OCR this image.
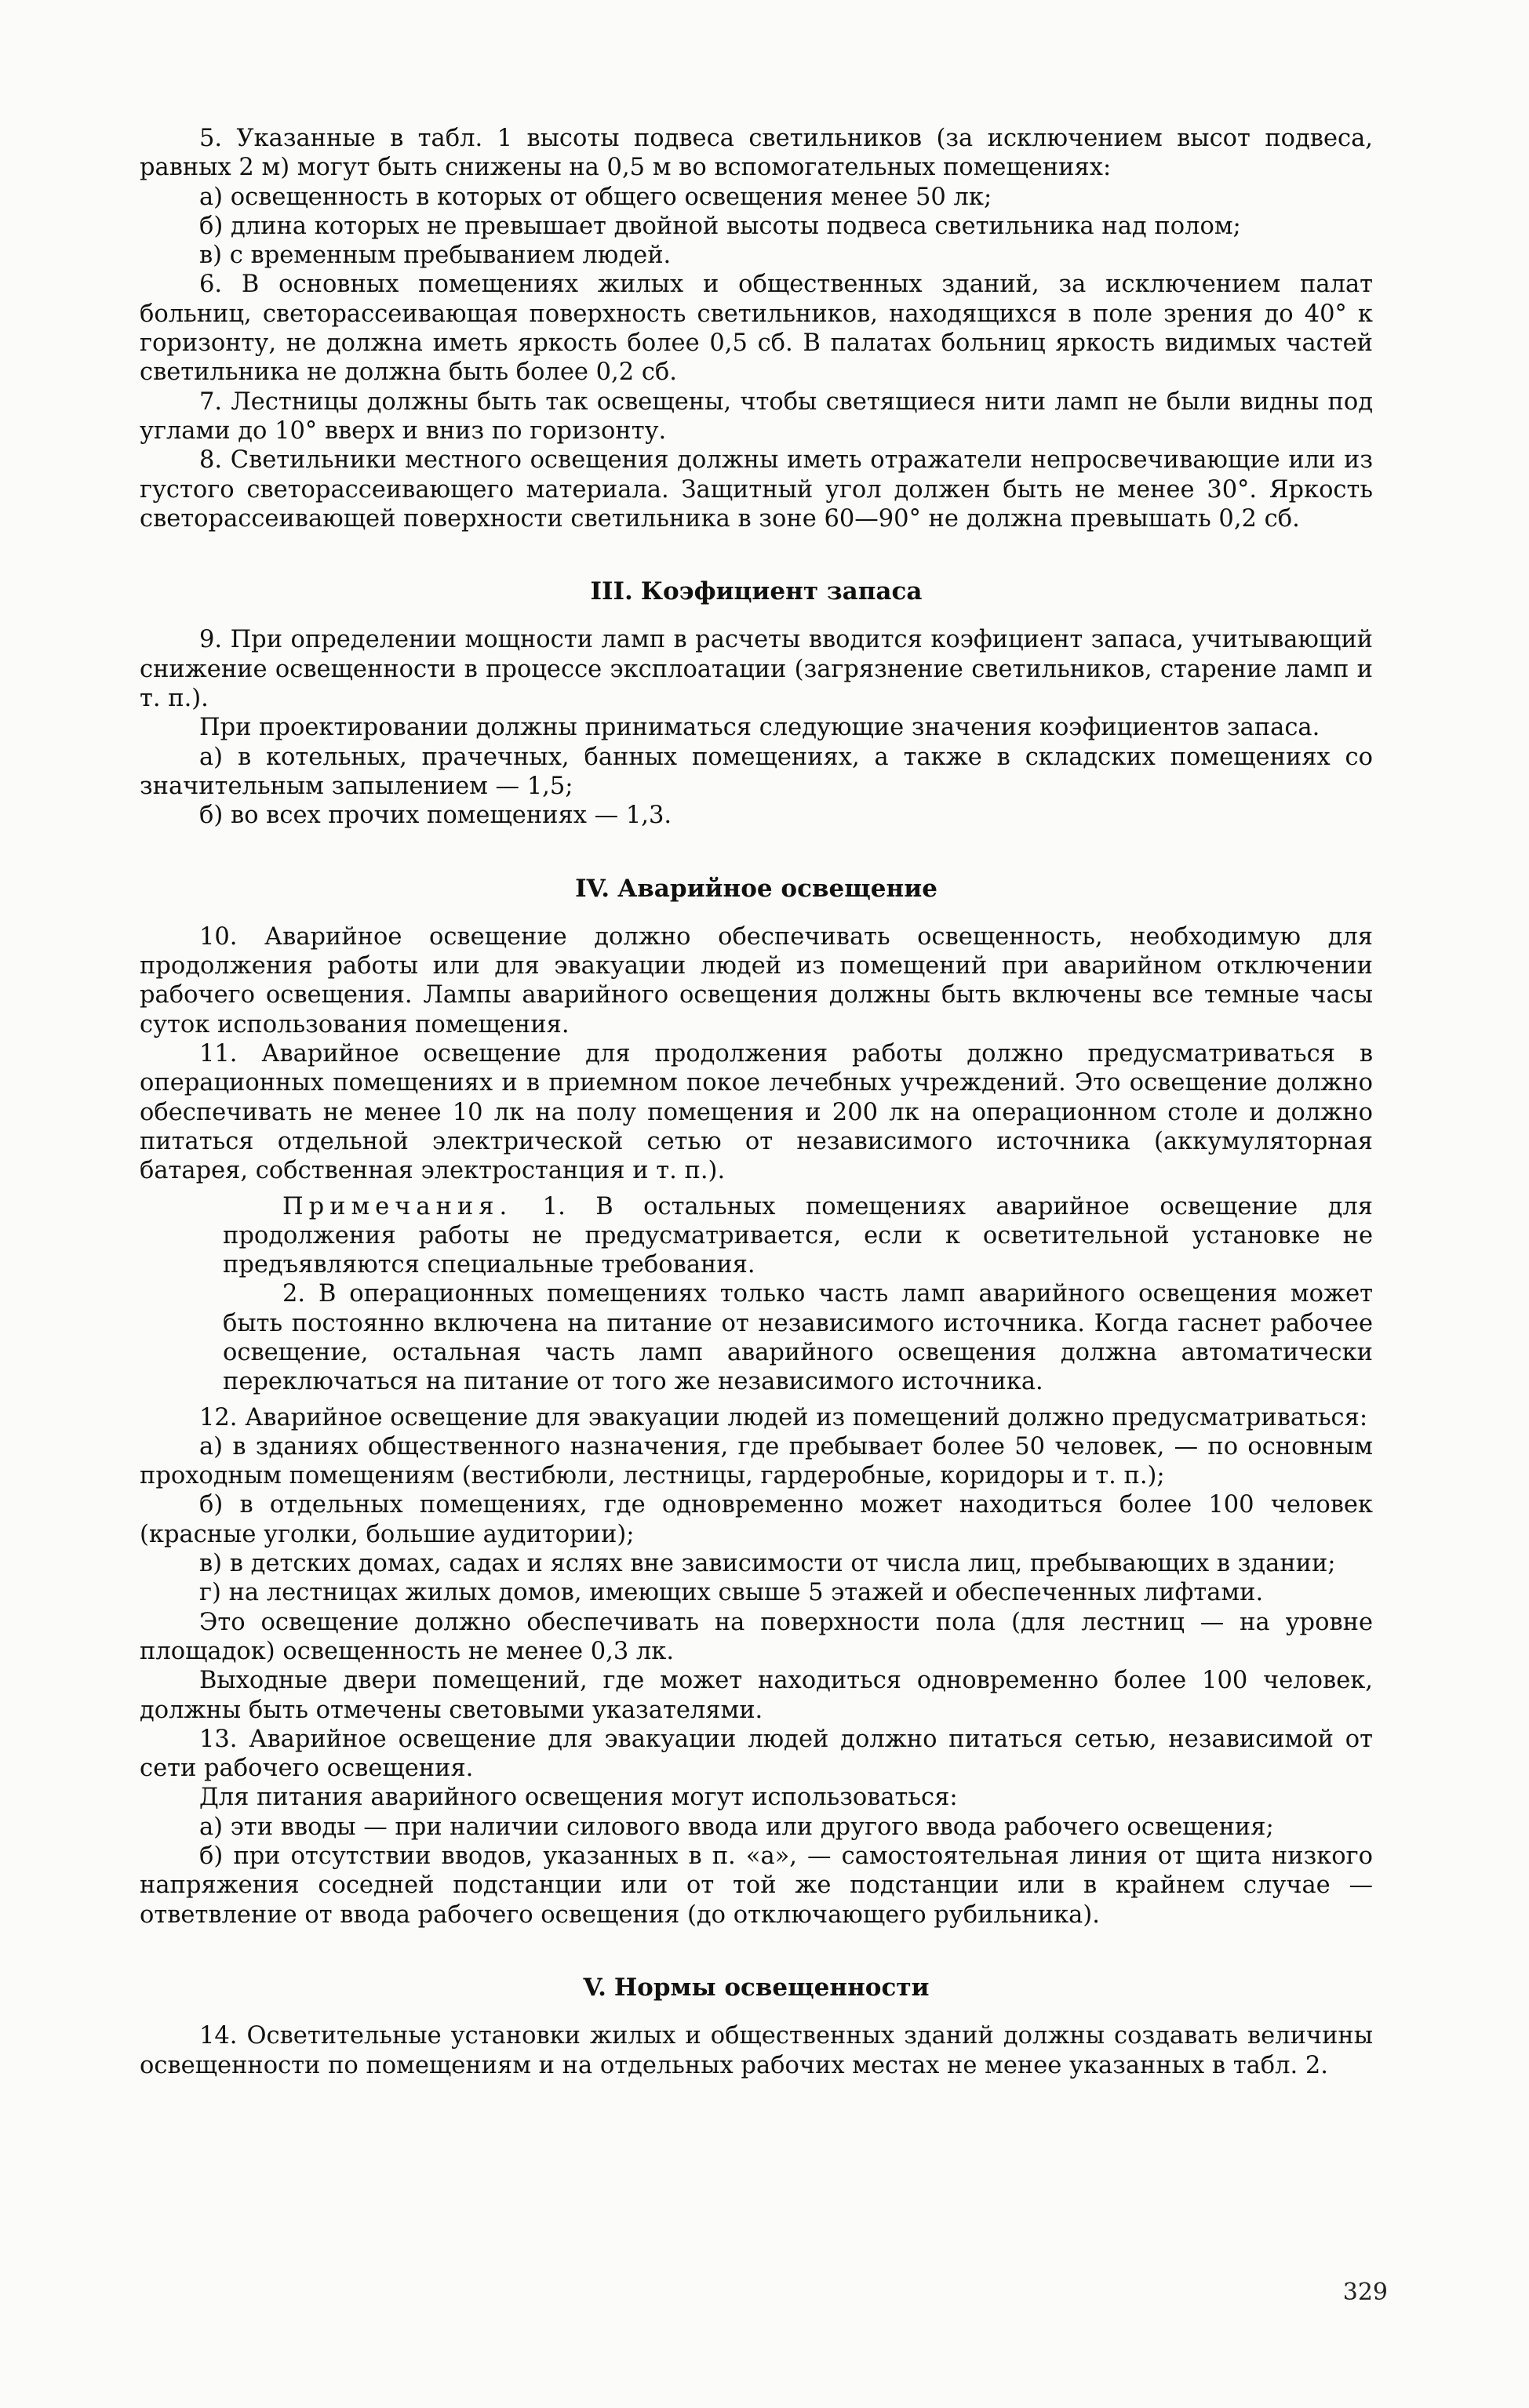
5. Указанные в табл. 1 высоты подвеса светильников (за исключением высот подвеса, равных 2 м) могут быть снижены на 0,5 м во вспомогательных помещениях:

а) освещенность в которых от общего освещения менее 50 лк;

б) длина которых не превышает двойной высоты подвеса светильника над полом;

в) с временным пребыванием людей.

6. В основных помещениях жилых и общественных зданий, за исключением палат больниц, светорассеивающая поверхность светильников, находящихся в поле зрения до 40° к горизонту, не должна иметь яркость более 0,5 сб. В палатах больниц яркость видимых частей светильника не должна быть более 0,2 сб.

7. Лестницы должны быть так освещены, чтобы светящиеся нити ламп не были видны под углами до 10° вверх и вниз по горизонту.

8. Светильники местного освещения должны иметь отражатели непросвечивающие или из густого светорассеивающего материала. Защитный угол должен быть не менее 30°. Яркость светорассеивающей поверхности светильника в зоне 60—90° не должна превышать 0,2 сб.

III. Коэфициент запаса

9. При определении мощности ламп в расчеты вводится коэфициент запаса, учитывающий снижение освещенности в процессе эксплоатации (загрязнение светильников, старение ламп и т. п.).

При проектировании должны приниматься следующие значения коэфициентов запаса.

а) в котельных, прачечных, банных помещениях, а также в складских помещениях со значительным запылением — 1,5;

б) во всех прочих помещениях — 1,3.

IV. Аварийное освещение

10. Аварийное освещение должно обеспечивать освещенность, необходимую для продолжения работы или для эвакуации людей из помещений при аварийном отключении рабочего освещения. Лампы аварийного освещения должны быть включены все темные часы суток использования помещения.

11. Аварийное освещение для продолжения работы должно предусматриваться в операционных помещениях и в приемном покое лечебных учреждений. Это освещение должно обеспечивать не менее 10 лк на полу помещения и 200 лк на операционном столе и должно питаться отдельной электрической сетью от независимого источника (аккумуляторная батарея, собственная электростанция и т. п.).

Примечания. 1. В остальных помещениях аварийное освещение для продолжения работы не предусматривается, если к осветительной установке не предъявляются специальные требования.

2. В операционных помещениях только часть ламп аварийного освещения может быть постоянно включена на питание от независимого источника. Когда гаснет рабочее освещение, остальная часть ламп аварийного освещения должна автоматически переключаться на питание от того же независимого источника.

12. Аварийное освещение для эвакуации людей из помещений должно предусматриваться:

а) в зданиях общественного назначения, где пребывает более 50 человек, — по основным проходным помещениям (вестибюли, лестницы, гардеробные, коридоры и т. п.);

б) в отдельных помещениях, где одновременно может находиться более 100 человек (красные уголки, большие аудитории);

в) в детских домах, садах и яслях вне зависимости от числа лиц, пребывающих в здании;

г) на лестницах жилых домов, имеющих свыше 5 этажей и обеспеченных лифтами.

Это освещение должно обеспечивать на поверхности пола (для лестниц — на уровне площадок) освещенность не менее 0,3 лк.

Выходные двери помещений, где может находиться одновременно более 100 человек, должны быть отмечены световыми указателями.

13. Аварийное освещение для эвакуации людей должно питаться сетью, независимой от сети рабочего освещения.

Для питания аварийного освещения могут использоваться:

а) эти вводы — при наличии силового ввода или другого ввода рабочего освещения;

б) при отсутствии вводов, указанных в п. «а», — самостоятельная линия от щита низкого напряжения соседней подстанции или от той же подстанции или в крайнем случае — ответвление от ввода рабочего освещения (до отключающего рубильника).

V. Нормы освещенности

14. Осветительные установки жилых и общественных зданий должны создавать величины освещенности по помещениям и на отдельных рабочих местах не менее указанных в табл. 2.

329
